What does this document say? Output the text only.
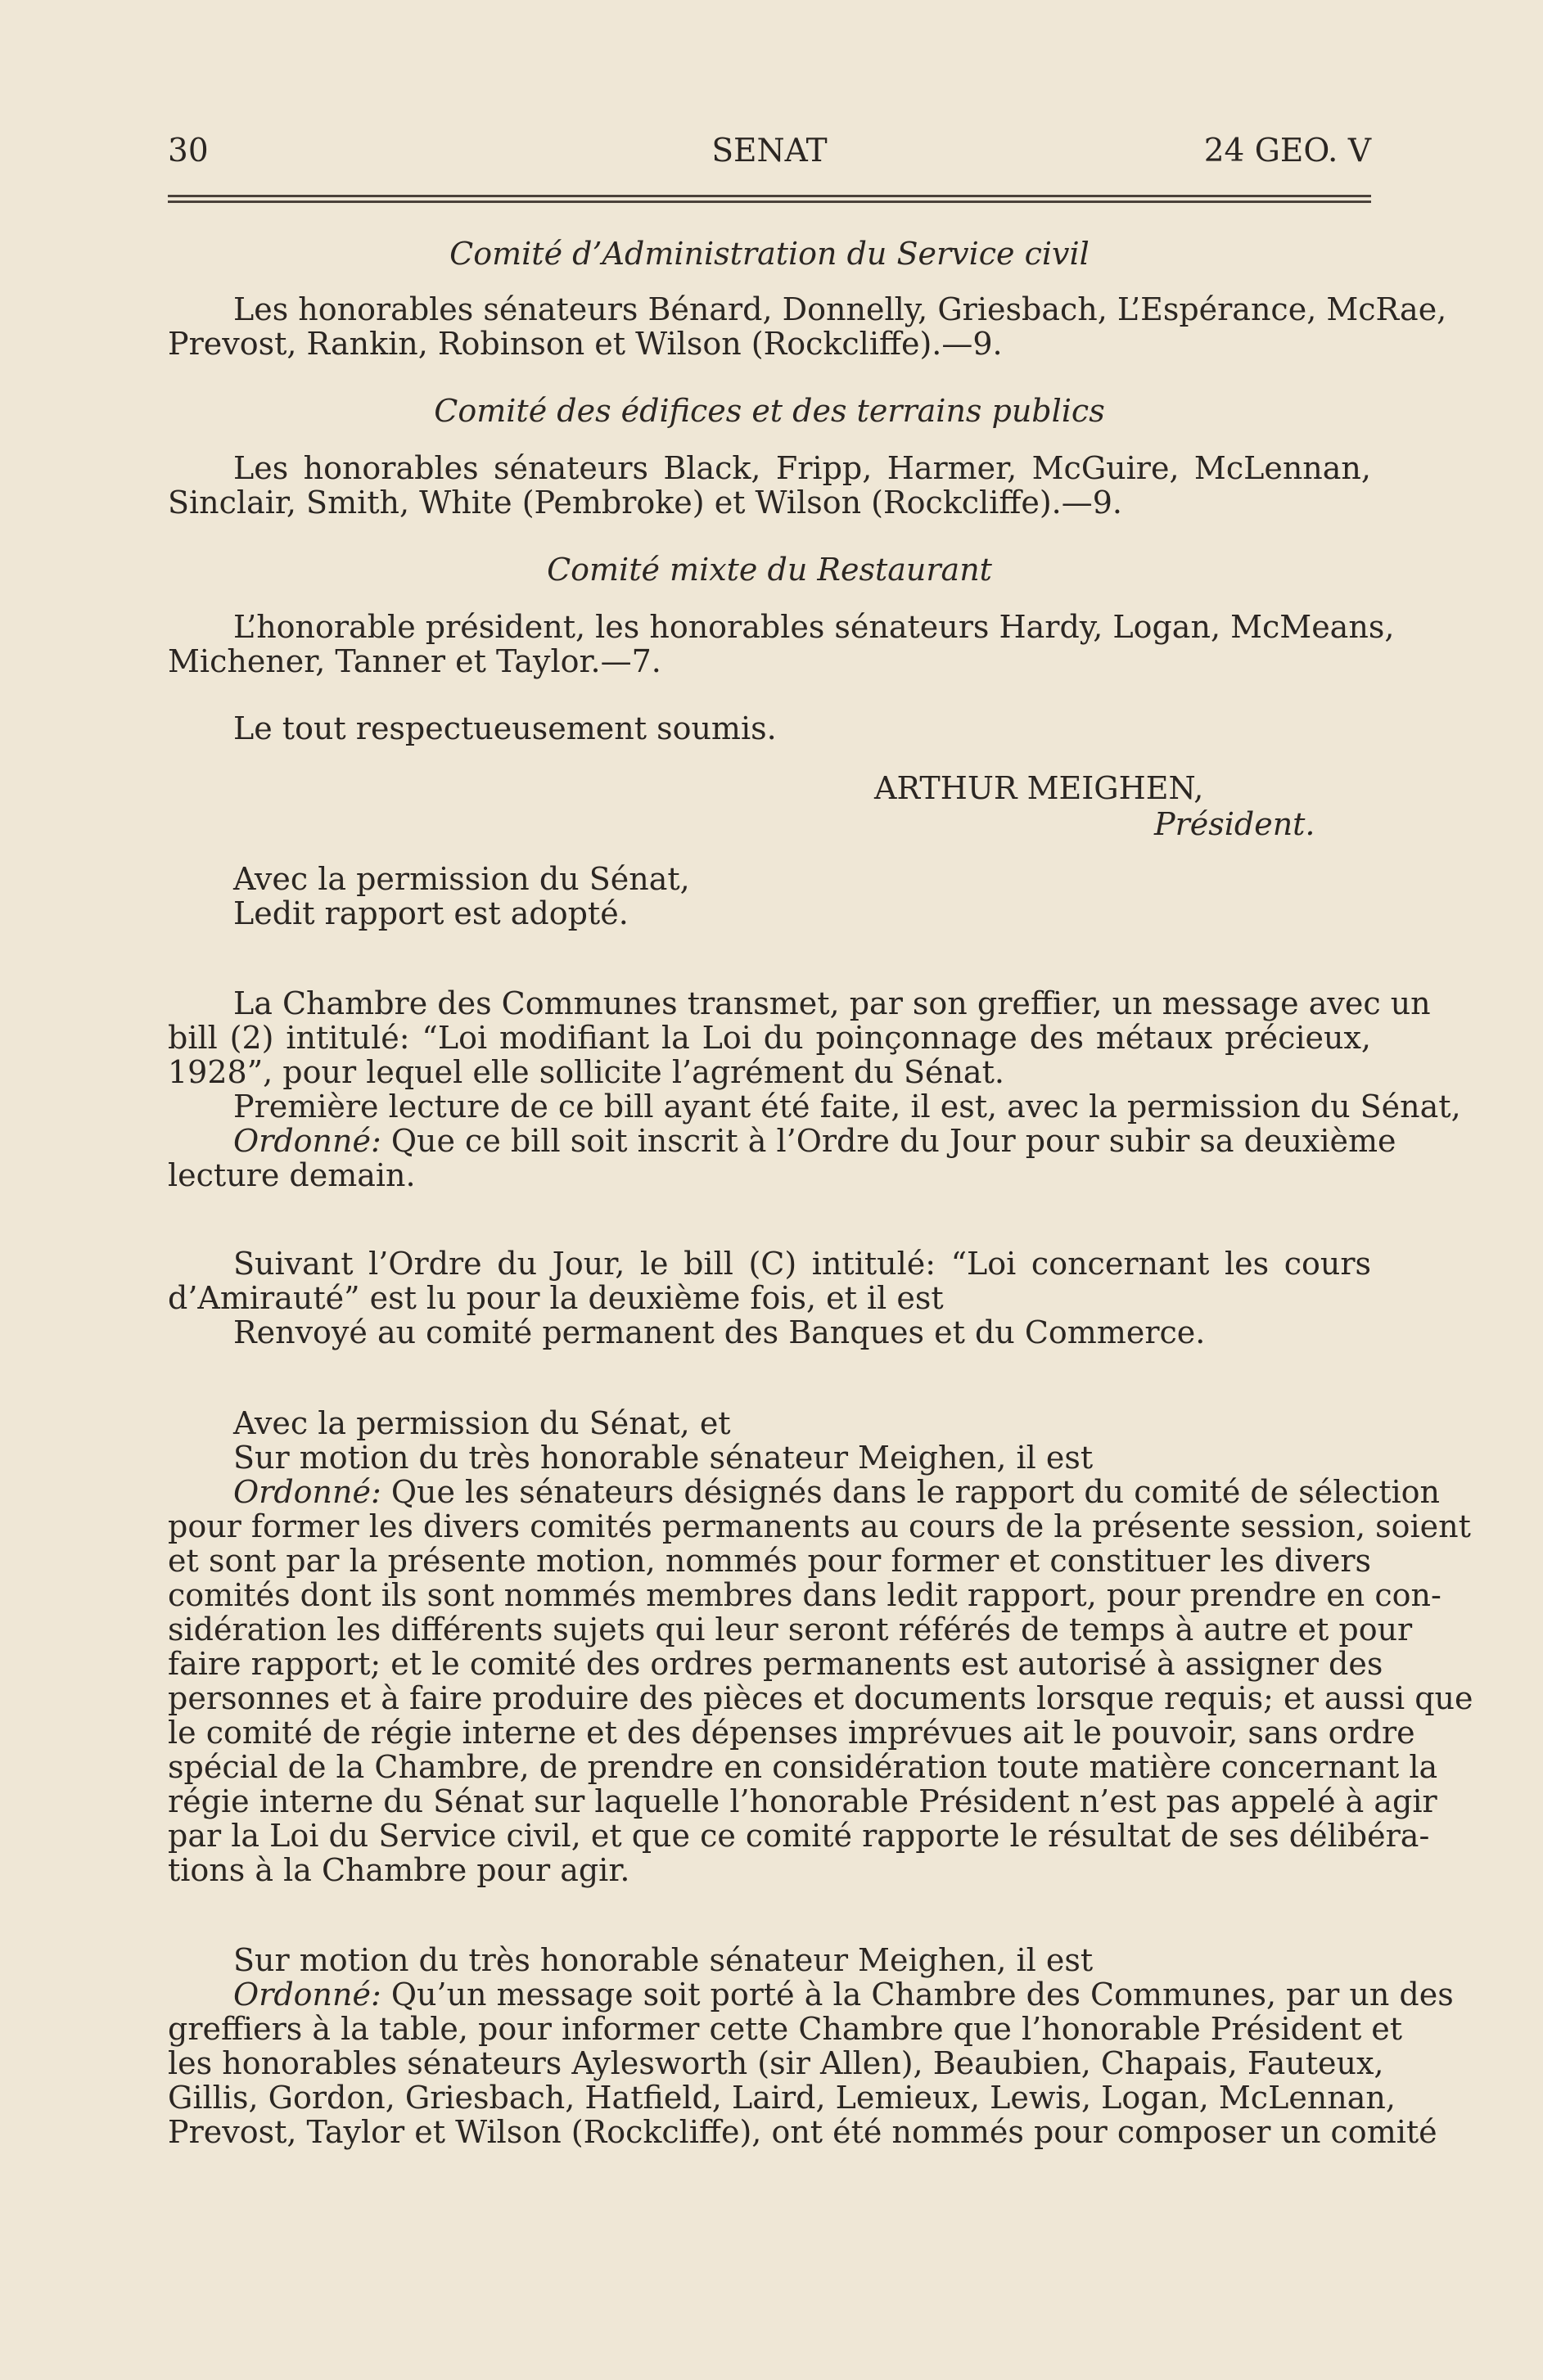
30	SENAT	24 GEO. V
Comité d’Administration du Service civil
Les honorables sénateurs Bénard, Donnelly, Griesbach, L’Espérance, McRae,
Prevost, Rankin, Robinson et Wilson (Rockcliffe).—9.
Comité des édifices et des terrains publics
Les honorables sénateurs Black, Fripp, Harmer, McGuire, McLennan,
Sinclair, Smith, White (Pembroke) et Wilson (Rockcliffe).—9.
Comité mixte du Restaurant
L’honorable président, les honorables sénateurs Hardy, Logan, McMeans,
Michener, Tanner et Taylor.—7.
Le tout respectueusement soumis.
ARTHUR MEIGHEN,
Président.
Avec la permission du Sénat,
Ledit rapport est adopté.
La Chambre des Communes transmet, par son greffier, un message avec un
bill (2) intitulé: “Loi modifiant la Loi du poinçonnage des métaux précieux,
1928”, pour lequel elle sollicite l’agrément du Sénat.
Première lecture de ce bill ayant été faite, il est, avec la permission du Sénat,
Ordonné: Que ce bill soit inscrit à l’Ordre du Jour pour subir sa deuxième
lecture demain.
Suivant l’Ordre du Jour, le bill (C) intitulé: “Loi concernant les cours
d’Amirauté” est lu pour la deuxième fois, et il est
Renvoyé au comité permanent des Banques et du Commerce.
Avec la permission du Sénat, et
Sur motion du très honorable sénateur Meighen, il est
Ordonné: Que les sénateurs désignés dans le rapport du comité de sélection
pour former les divers comités permanents au cours de la présente session, soient
et sont par la présente motion, nommés pour former et constituer les divers
comités dont ils sont nommés membres dans ledit rapport, pour prendre en con-
sidération les différents sujets qui leur seront référés de temps à autre et pour
faire rapport; et le comité des ordres permanents est autorisé à assigner des
personnes et à faire produire des pièces et documents lorsque requis; et aussi que
le comité de régie interne et des dépenses imprévues ait le pouvoir, sans ordre
spécial de la Chambre, de prendre en considération toute matière concernant la
régie interne du Sénat sur laquelle l’honorable Président n’est pas appelé à agir
par la Loi du Service civil, et que ce comité rapporte le résultat de ses délibéra-
tions à la Chambre pour agir.
Sur motion du très honorable sénateur Meighen, il est
Ordonné: Qu’un message soit porté à la Chambre des Communes, par un des
greffiers à la table, pour informer cette Chambre que l’honorable Président et
les honorables sénateurs Aylesworth (sir Allen), Beaubien, Chapais, Fauteux,
Gillis, Gordon, Griesbach, Hatfield, Laird, Lemieux, Lewis, Logan, McLennan,
Prevost, Taylor et Wilson (Rockcliffe), ont été nommés pour composer un comité
